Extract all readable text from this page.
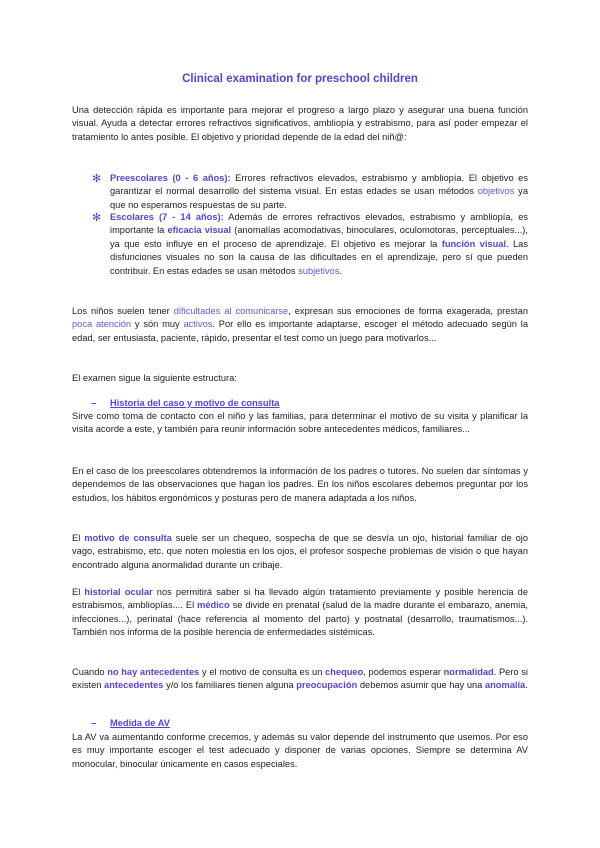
Clinical examination for preschool children

Una detección rápida es importante para mejorar el progreso a largo plazo y asegurar una buena función visual. Ayuda a detectar errores refractivos significativos, ambliopía y estrabismo, para así poder empezar el tratamiento lo antes posible. El objetivo y prioridad depende de la edad del niñ@:

✻ Preescolares (0 - 6 años): Errores refractivos elevados, estrabismo y ambliopía. El objetivo es garantizar el normal desarrollo del sistema visual. En estas edades se usan métodos objetivos ya que no esperamos respuestas de su parte.

✻ Escolares (7 - 14 años): Además de errores refractivos elevados, estrabismo y ambliopía, es importante la eficacia visual (anomalías acomodativas, binoculares, oculomotoras, perceptuales...), ya que esto influye en el proceso de aprendizaje. El objetivo es mejorar la función visual. Las disfunciones visuales no son la causa de las dificultades en el aprendizaje, pero sí que pueden contribuir. En estas edades se usan métodos subjetivos.

Los niños suelen tener dificultades al comunicarse, expresan sus emociones de forma exagerada, prestan poca atención y són muy activos. Por ello es importante adaptarse, escoger el método adecuado según la edad, ser entusiasta, paciente, rápido, presentar el test como un juego para motivarlos...

El examen sigue la siguiente estructura:

– Historia del caso y motivo de consulta

Sirve como toma de contacto con el niño y las familias, para determinar el motivo de su visita y planificar la visita acorde a este, y también para reunir información sobre antecedentes médicos, familiares...

En el caso de los preescolares obtendremos la información de los padres o tutores. No suelen dar síntomas y dependemos de las observaciones que hagan los padres. En los niños escolares debemos preguntar por los estudios, los hábitos ergonómicos y posturas pero de manera adaptada a los niños.

El motivo de consulta suele ser un chequeo, sospecha de que se desvía un ojo, historial familiar de ojo vago, estrabismo, etc. que noten molestia en los ojos, el profesor sospeche problemas de visión o que hayan encontrado alguna anormalidad durante un cribaje.

El historial ocular nos permitirá saber si ha llevado algún tratamiento previamente y posible herencia de estrabismos, ambliopías.... El médico se divide en prenatal (salud de la madre durante el embarazo, anemia, infecciones...), perinatal (hace referencia al momento del parto) y postnatal (desarrollo, traumatismos...). También nos informa de la posible herencia de enfermedades sistémicas.

Cuando no hay antecedentes y el motivo de consulta es un chequeo, podemos esperar normalidad. Pero si existen antecedentes y/o los familiares tienen alguna preocupación debemos asumir que hay una anomalía.

– Medida de AV

La AV va aumentando conforme crecemos, y además su valor depende del instrumento que usemos. Por eso es muy importante escoger el test adecuado y disponer de varias opciones. Siempre se determina AV monocular, binocular únicamente en casos especiales.
